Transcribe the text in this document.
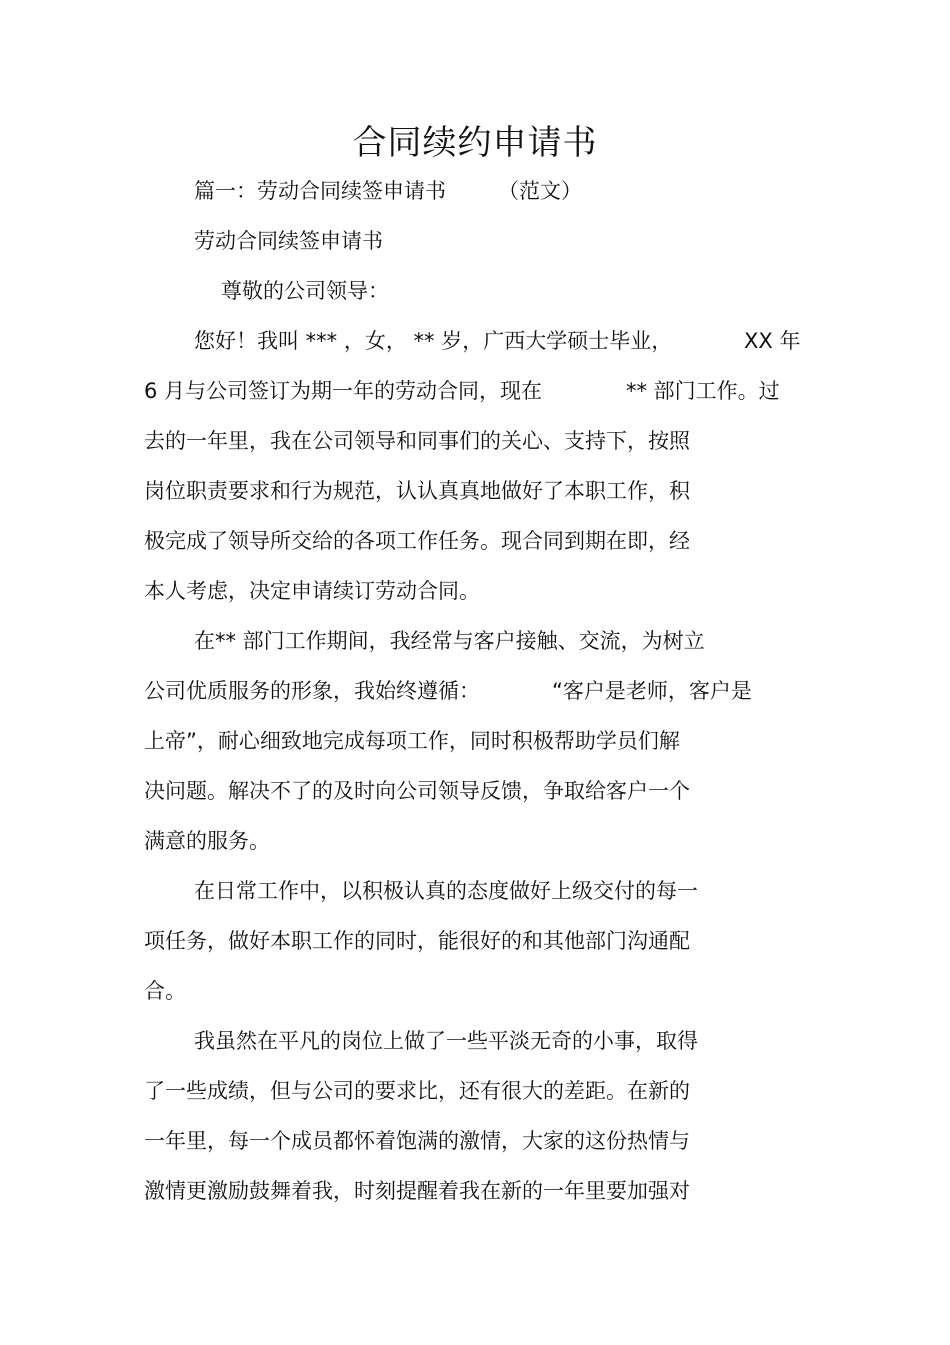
合同续约申请书
篇一：劳动合同续签申请书 （范文）
劳动合同续签申请书
尊敬的公司领导：
您好！我叫 *** ，女， ** 岁，广西大学硕士毕业，	XX 年
6 月与公司签订为期一年的劳动合同，现在	** 部门工作。过
去的一年里，我在公司领导和同事们的关心、支持下，按照
岗位职责要求和行为规范，认认真真地做好了本职工作，积
极完成了领导所交给的各项工作任务。现合同到期在即，经
本人考虑，决定申请续订劳动合同。
在** 部门工作期间，我经常与客户接触、交流，为树立
公司优质服务的形象，我始终遵循：	“客户是老师，客户是
上帝”，耐心细致地完成每项工作，同时积极帮助学员们解
决问题。解决不了的及时向公司领导反馈，争取给客户一个
满意的服务。
在日常工作中，以积极认真的态度做好上级交付的每一
项任务，做好本职工作的同时，能很好的和其他部门沟通配
合。
我虽然在平凡的岗位上做了一些平淡无奇的小事，取得
了一些成绩，但与公司的要求比，还有很大的差距。在新的
一年里，每一个成员都怀着饱满的激情，大家的这份热情与
激情更激励鼓舞着我，时刻提醒着我在新的一年里要加强对
